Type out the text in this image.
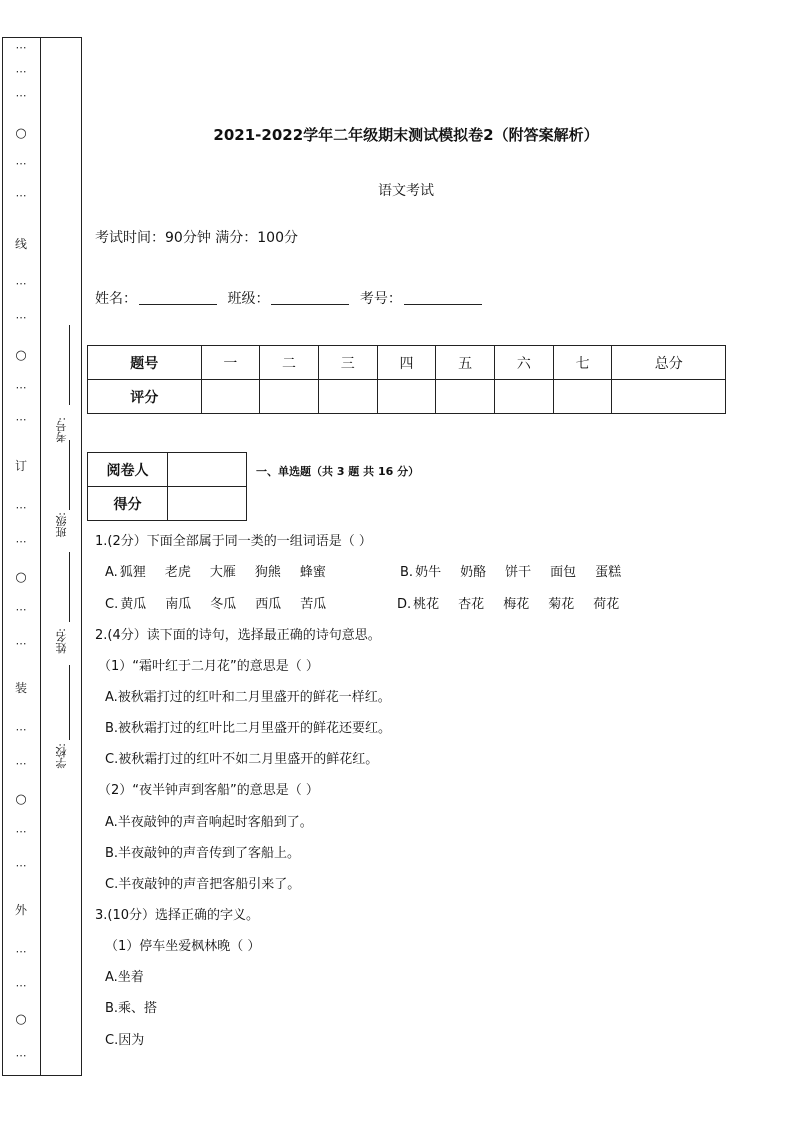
⋯
⋯
⋯
○
⋯
⋯
线
⋯
⋯
○
⋯
⋯
订
⋯
⋯
○
⋯
⋯
装
⋯
⋯
○
⋯
⋯
外
⋯
⋯
○
⋯
考号:
班级:
姓名:
学校:
2021-2022学年二年级期末测试模拟卷2（附答案解析）
语文考试
考试时间：90分钟 满分：100分
姓名：	班级：	考号：
题号	一	二	三	四	五	六	七	总分
评分								
阅卷人	
得分	
一、单选题（共 3 题 共 16 分）
1.(2分）下面全部属于同一类的一组词语是（ ）
A. 狐狸 老虎 大雁 狗熊 蜂蜜	B. 奶牛 奶酪 饼干 面包 蛋糕
C. 黄瓜 南瓜 冬瓜 西瓜 苦瓜	D. 桃花 杏花 梅花 菊花 荷花
2.(4分）读下面的诗句，选择最正确的诗句意思。
（1）“霜叶红于二月花”的意思是（ ）
A.被秋霜打过的红叶和二月里盛开的鲜花一样红。
B.被秋霜打过的红叶比二月里盛开的鲜花还要红。
C.被秋霜打过的红叶不如二月里盛开的鲜花红。
（2）“夜半钟声到客船”的意思是（ ）
A.半夜敲钟的声音响起时客船到了。
B.半夜敲钟的声音传到了客船上。
C.半夜敲钟的声音把客船引来了。
3.(10分）选择正确的字义。
（1）停车坐爱枫林晚（ ）
A.坐着
B.乘、搭
C.因为
